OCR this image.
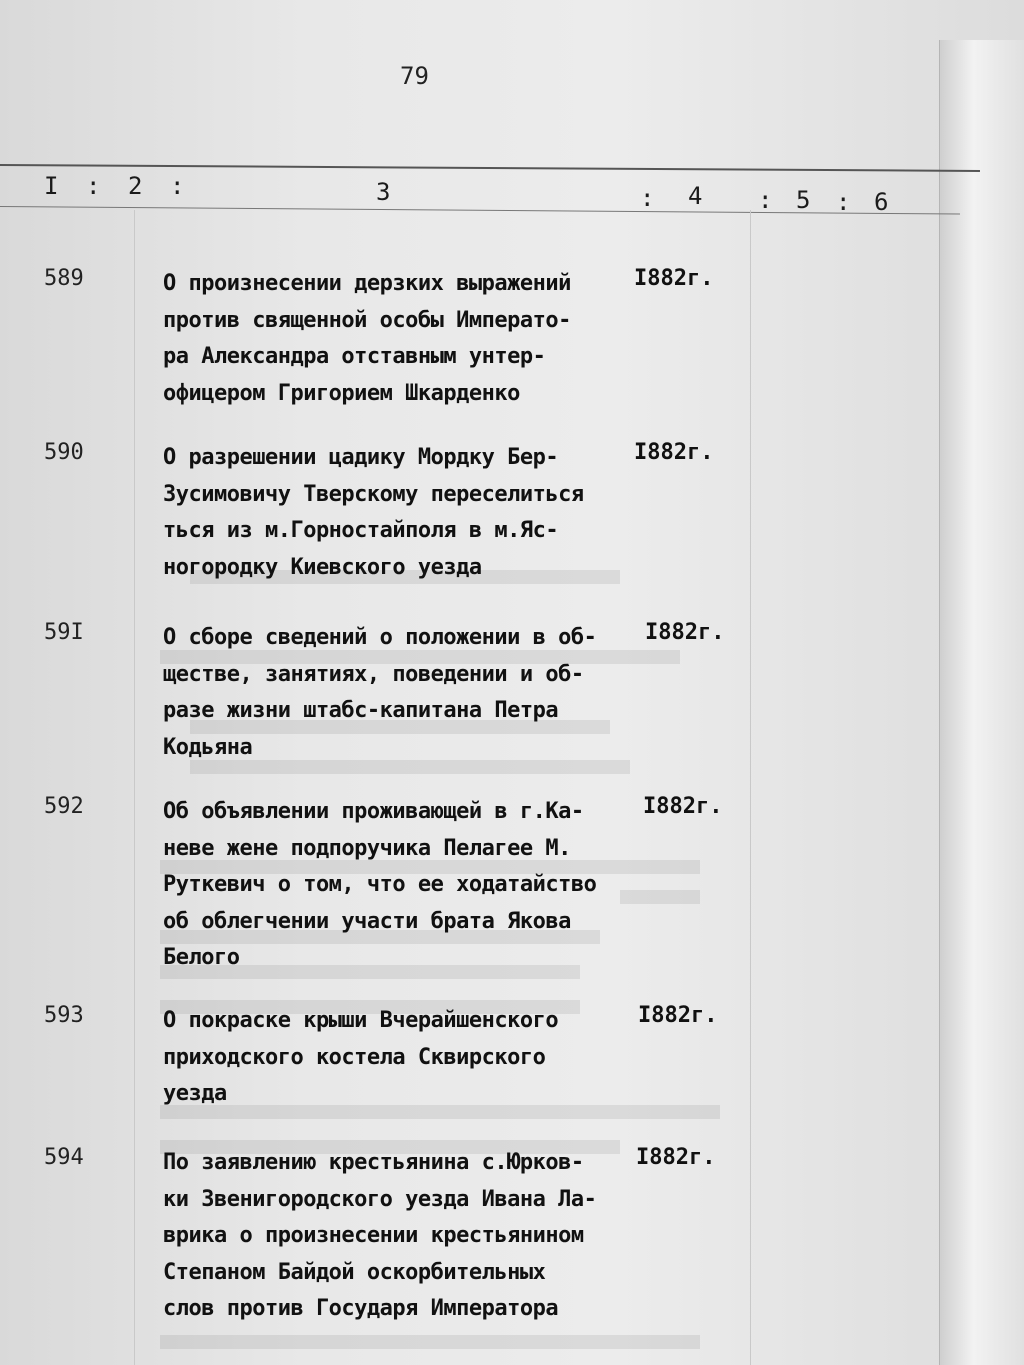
79
I : 2 :	3	: 4 : 5 : 6
589	О произнесении дерзких выражений
против священной особы Императо-
ра Александра отставным унтер-
офицером Григорием Шкарденко
I882г.
590	О разрешении цадику Мордку Бер-
Зусимовичу Тверскому переселиться
ться из м.Горностайполя в м.Яс-
ногородку Киевского уезда
I882г.
59I	О сборе сведений о положении в об-
ществе, занятиях, поведении и об-
разе жизни штабс-капитана Петра
Кодьяна
I882г.
592	Об объявлении проживающей в г.Ка-
неве жене подпоручика Пелагее М.
Руткевич о том, что ее ходатайство
об облегчении участи брата Якова
Белого
I882г.
593	О покраске крыши Вчерайшенского
приходского костела Сквирского
уезда
I882г.
594	По заявлению крестьянина с.Юрков-
ки Звенигородского уезда Ивана Ла-
врика о произнесении крестьянином
Степаном Байдой оскорбительных
слов против Государя Императора
I882г.
